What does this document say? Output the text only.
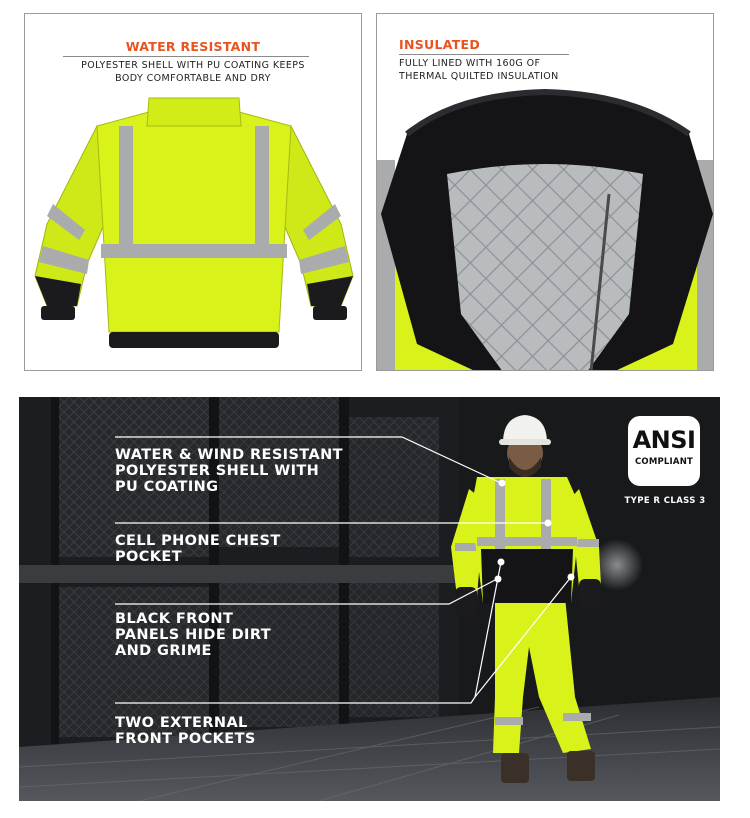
WATER RESISTANT
POLYESTER SHELL WITH PU COATING KEEPS
BODY COMFORTABLE AND DRY
INSULATED
FULLY LINED WITH 160G OF
THERMAL QUILTED INSULATION
WATER & WIND RESISTANT
POLYESTER SHELL WITH
PU COATING
CELL PHONE CHEST
POCKET
BLACK FRONT
PANELS HIDE DIRT
AND GRIME
TWO EXTERNAL
FRONT POCKETS
ANSI
COMPLIANT
TYPE R CLASS 3
